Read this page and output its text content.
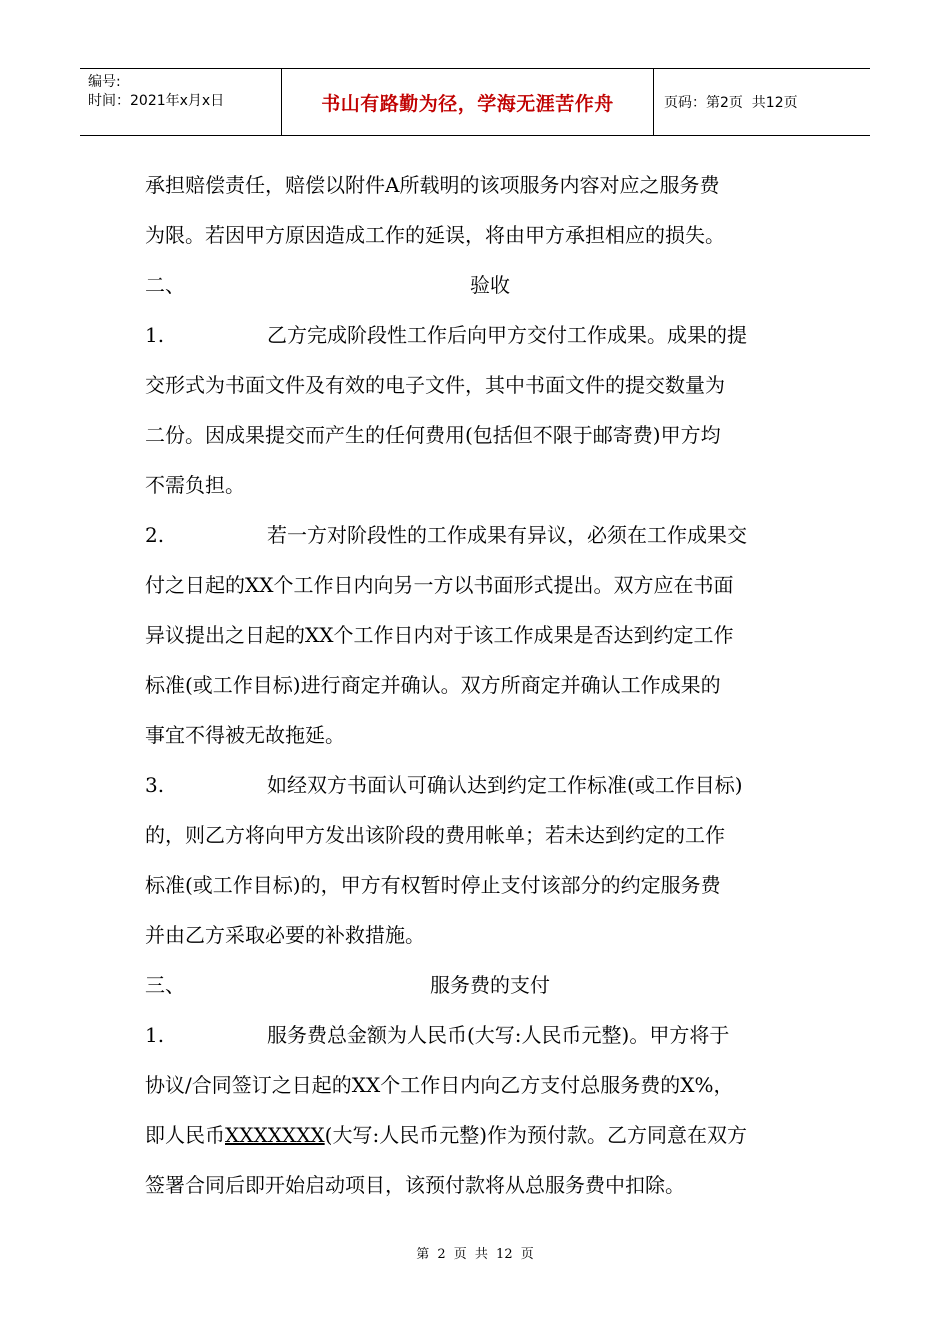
编号:
时间：2021年x月x日	书山有路勤为径，学海无涯苦作舟	页码：第2页  共12页
承担赔偿责任，赔偿以附件A所载明的该项服务内容对应之服务费
为限。若因甲方原因造成工作的延误，将由甲方承担相应的损失。
二、	验收
1.	乙方完成阶段性工作后向甲方交付工作成果。成果的提
交形式为书面文件及有效的电子文件，其中书面文件的提交数量为
二份。因成果提交而产生的任何费用(包括但不限于邮寄费)甲方均
不需负担。
2.	若一方对阶段性的工作成果有异议，必须在工作成果交
付之日起的XX个工作日内向另一方以书面形式提出。双方应在书面
异议提出之日起的XX个工作日内对于该工作成果是否达到约定工作
标准(或工作目标)进行商定并确认。双方所商定并确认工作成果的
事宜不得被无故拖延。
3.	如经双方书面认可确认达到约定工作标准(或工作目标)
的，则乙方将向甲方发出该阶段的费用帐单；若未达到约定的工作
标准(或工作目标)的，甲方有权暂时停止支付该部分的约定服务费
并由乙方采取必要的补救措施。
三、	服务费的支付
1.	服务费总金额为人民币(大写:人民币元整)。甲方将于
协议/合同签订之日起的XX个工作日内向乙方支付总服务费的X%，
即人民币XXXXXXX(大写:人民币元整)作为预付款。乙方同意在双方
签署合同后即开始启动项目，该预付款将从总服务费中扣除。
第 2 页 共 12 页
